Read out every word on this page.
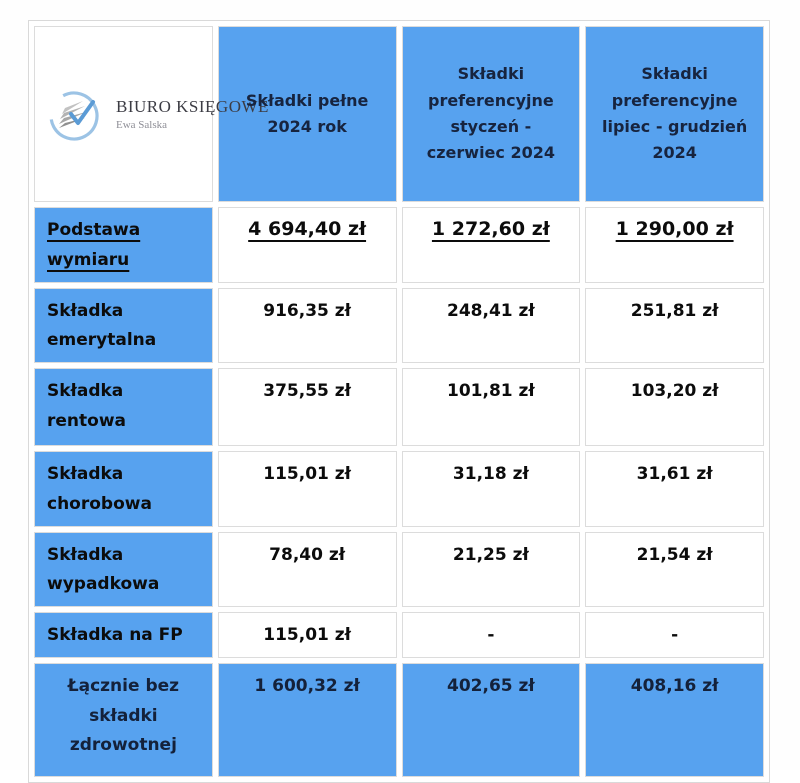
BIURO KSIĘGOWE
Ewa Salska	Składki pełne 2024 rok	Składki preferencyjne styczeń - czerwiec 2024	Składki preferencyjne lipiec - grudzień 2024
Podstawa wymiaru	4 694,40 zł	1 272,60 zł	1 290,00 zł
Składka emerytalna	916,35 zł	248,41 zł	251,81 zł
Składka rentowa	375,55 zł	101,81 zł	103,20 zł
Składka chorobowa	115,01 zł	31,18 zł	31,61 zł
Składka wypadkowa	78,40 zł	21,25 zł	21,54 zł
Składka na FP	115,01 zł	-	-
Łącznie bez składki zdrowotnej	1 600,32 zł	402,65 zł	408,16 zł
